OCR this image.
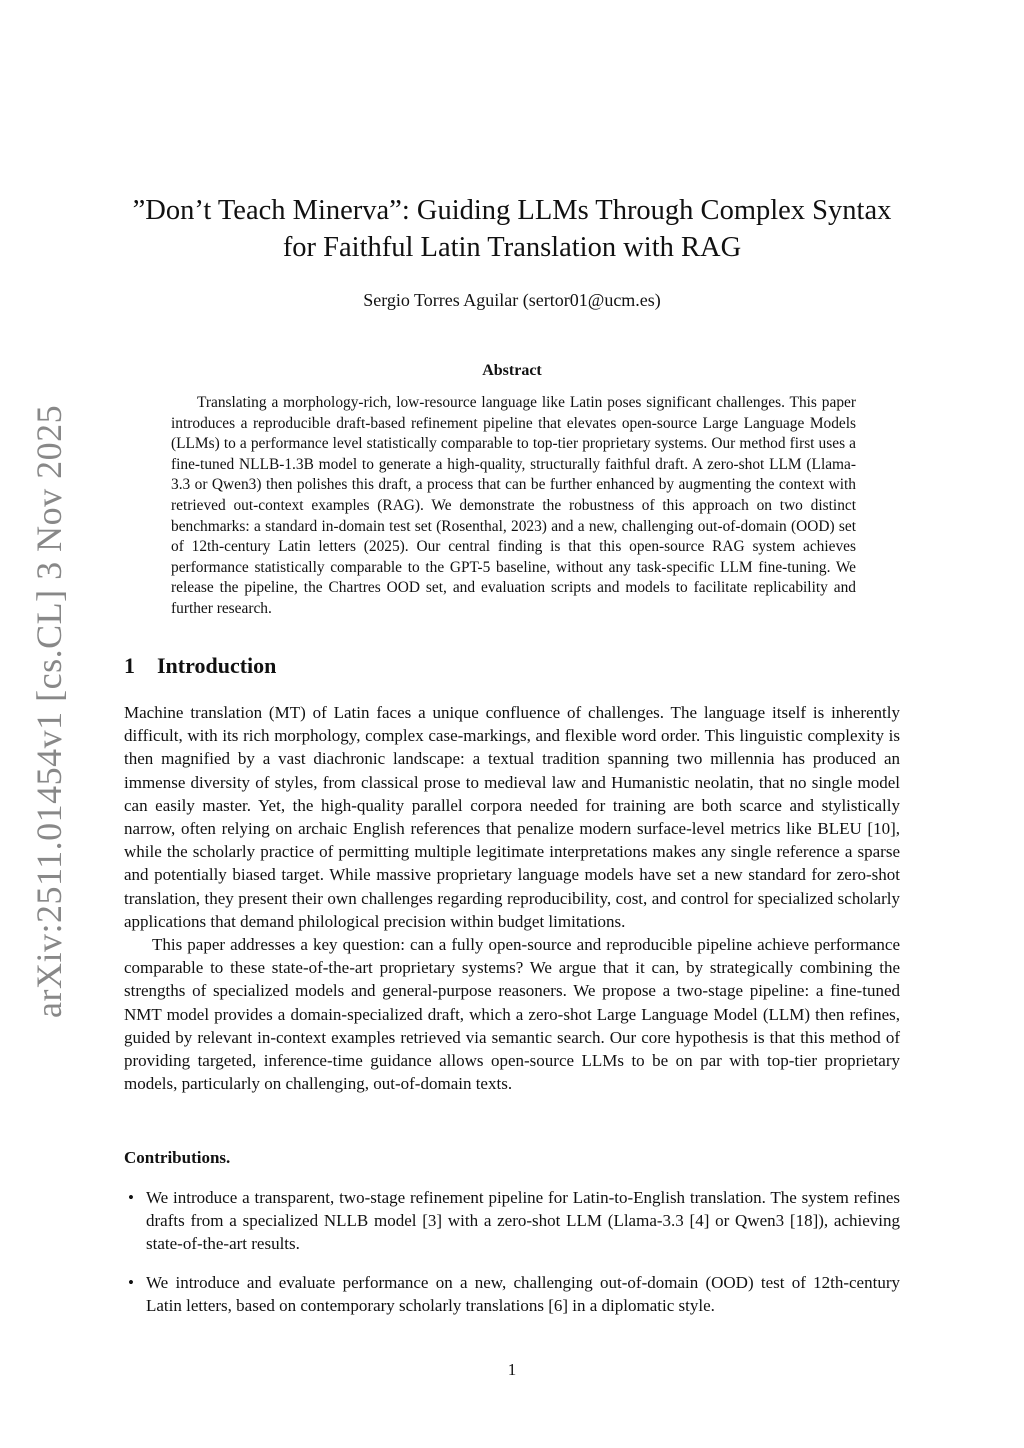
arXiv:2511.01454v1 [cs.CL] 3 Nov 2025
”Don’t Teach Minerva”: Guiding LLMs Through Complex Syntax
for Faithful Latin Translation with RAG
Sergio Torres Aguilar (sertor01@ucm.es)
Abstract

Translating a morphology-rich, low-resource language like Latin poses significant challenges. This paper introduces a reproducible draft-based refinement pipeline that elevates open-source Large Language Models (LLMs) to a performance level statistically comparable to top-tier proprietary systems. Our method first uses a fine-tuned NLLB-1.3B model to generate a high-quality, structurally faithful draft. A zero-shot LLM (Llama-3.3 or Qwen3) then polishes this draft, a process that can be further enhanced by augmenting the context with retrieved out-context examples (RAG). We demonstrate the robustness of this approach on two distinct benchmarks: a standard in-domain test set (Rosenthal, 2023) and a new, challenging out-of-domain (OOD) set of 12th-century Latin letters (2025). Our central finding is that this open-source RAG system achieves performance statistically comparable to the GPT-5 baseline, without any task-specific LLM fine-tuning. We release the pipeline, the Chartres OOD set, and evaluation scripts and models to facilitate replicability and further research.

1 Introduction

Machine translation (MT) of Latin faces a unique confluence of challenges. The language itself is inherently difficult, with its rich morphology, complex case-markings, and flexible word order. This linguistic complexity is then magnified by a vast diachronic landscape: a textual tradition spanning two millennia has produced an immense diversity of styles, from classical prose to medieval law and Humanistic neolatin, that no single model can easily master. Yet, the high-quality parallel corpora needed for training are both scarce and stylistically narrow, often relying on archaic English references that penalize modern surface-level metrics like BLEU [10], while the scholarly practice of permitting multiple legitimate interpretations makes any single reference a sparse and potentially biased target. While massive proprietary language models have set a new standard for zero-shot translation, they present their own challenges regarding reproducibility, cost, and control for specialized scholarly applications that demand philological precision within budget limitations.

This paper addresses a key question: can a fully open-source and reproducible pipeline achieve performance comparable to these state-of-the-art proprietary systems? We argue that it can, by strategically combining the strengths of specialized models and general-purpose reasoners. We propose a two-stage pipeline: a fine-tuned NMT model provides a domain-specialized draft, which a zero-shot Large Language Model (LLM) then refines, guided by relevant in-context examples retrieved via semantic search. Our core hypothesis is that this method of providing targeted, inference-time guidance allows open-source LLMs to be on par with top-tier proprietary models, particularly on challenging, out-of-domain texts.

Contributions.
• We introduce a transparent, two-stage refinement pipeline for Latin-to-English translation. The system refines drafts from a specialized NLLB model [3] with a zero-shot LLM (Llama-3.3 [4] or Qwen3 [18]), achieving state-of-the-art results.
• We introduce and evaluate performance on a new, challenging out-of-domain (OOD) test of 12th-century Latin letters, based on contemporary scholarly translations [6] in a diplomatic style.
1
